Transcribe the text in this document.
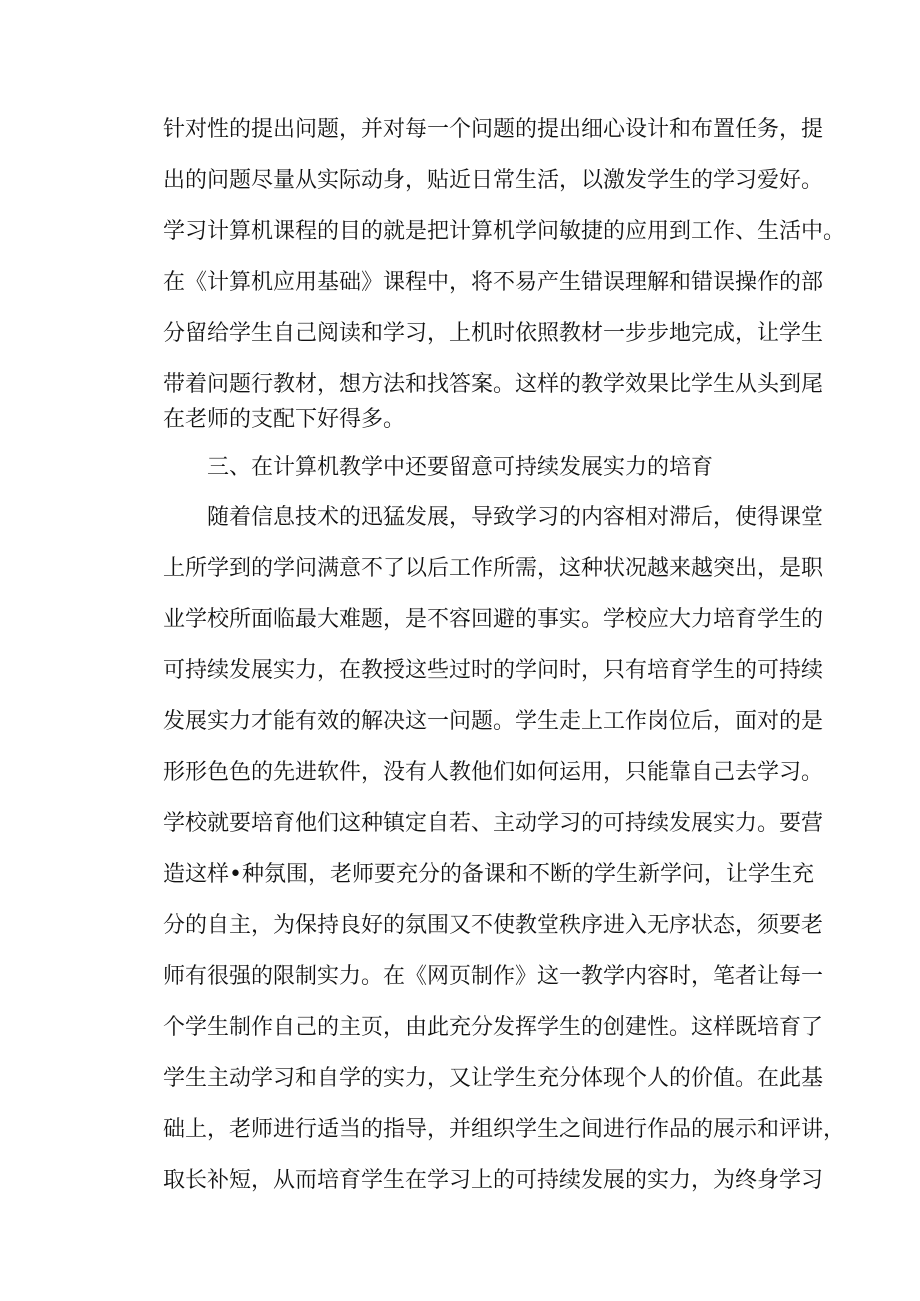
针对性的提出问题，并对每一个问题的提出细心设计和布置任务，提
出的问题尽量从实际动身，贴近日常生活，以激发学生的学习爱好。
学习计算机课程的目的就是把计算机学问敏捷的应用到工作、生活中。
在《计算机应用基础》课程中，将不易产生错误理解和错误操作的部
分留给学生自己阅读和学习，上机时依照教材一步步地完成，让学生
带着问题行教材，想方法和找答案。这样的教学效果比学生从头到尾
在老师的支配下好得多。
三、在计算机教学中还要留意可持续发展实力的培育
随着信息技术的迅猛发展，导致学习的内容相对滞后，使得课堂
上所学到的学问满意不了以后工作所需，这种状况越来越突出，是职
业学校所面临最大难题，是不容回避的事实。学校应大力培育学生的
可持续发展实力，在教授这些过时的学问时，只有培育学生的可持续
发展实力才能有效的解决这一问题。学生走上工作岗位后，面对的是
形形色色的先进软件，没有人教他们如何运用，只能靠自己去学习。
学校就要培育他们这种镇定自若、主动学习的可持续发展实力。要营
造这样•种氛围，老师要充分的备课和不断的学生新学问，让学生充
分的自主，为保持良好的氛围又不使教堂秩序进入无序状态，须要老
师有很强的限制实力。在《网页制作》这一教学内容时，笔者让每一
个学生制作自己的主页，由此充分发挥学生的创建性。这样既培育了
学生主动学习和自学的实力，又让学生充分体现个人的价值。在此基
础上，老师进行适当的指导，并组织学生之间进行作品的展示和评讲，
取长补短，从而培育学生在学习上的可持续发展的实力，为终身学习
